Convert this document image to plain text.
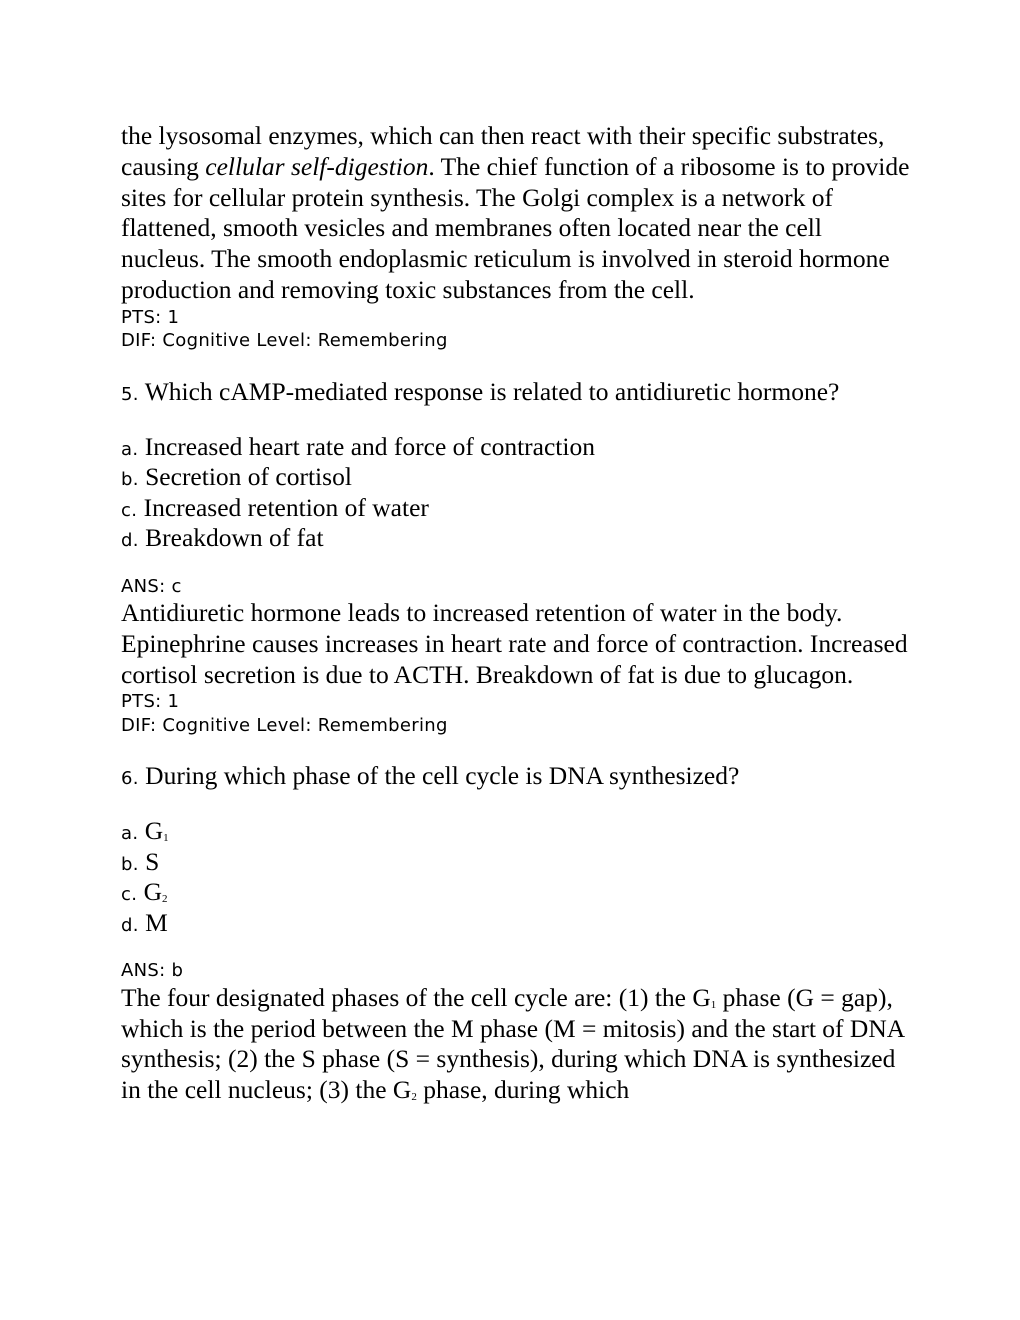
the lysosomal enzymes, which can then react with their specific substrates, causing cellular self-digestion. The chief function of a ribosome is to provide sites for cellular protein synthesis. The Golgi complex is a network of flattened, smooth vesicles and membranes often located near the cell nucleus. The smooth endoplasmic reticulum is involved in steroid hormone production and removing toxic substances from the cell.

PTS: 1
DIF: Cognitive Level: Remembering

5. Which cAMP-mediated response is related to antidiuretic hormone?

a. Increased heart rate and force of contraction
b. Secretion of cortisol
c. Increased retention of water
d. Breakdown of fat
ANS: c

Antidiuretic hormone leads to increased retention of water in the body. Epinephrine causes increases in heart rate and force of contraction. Increased cortisol secretion is due to ACTH. Breakdown of fat is due to glucagon.

PTS: 1
DIF: Cognitive Level: Remembering

6. During which phase of the cell cycle is DNA synthesized?

a. G1
b. S
c. G2
d. M
ANS: b

The four designated phases of the cell cycle are: (1) the G1 phase (G = gap), which is the period between the M phase (M = mitosis) and the start of DNA synthesis; (2) the S phase (S = synthesis), during which DNA is synthesized in the cell nucleus; (3) the G2 phase, during which
